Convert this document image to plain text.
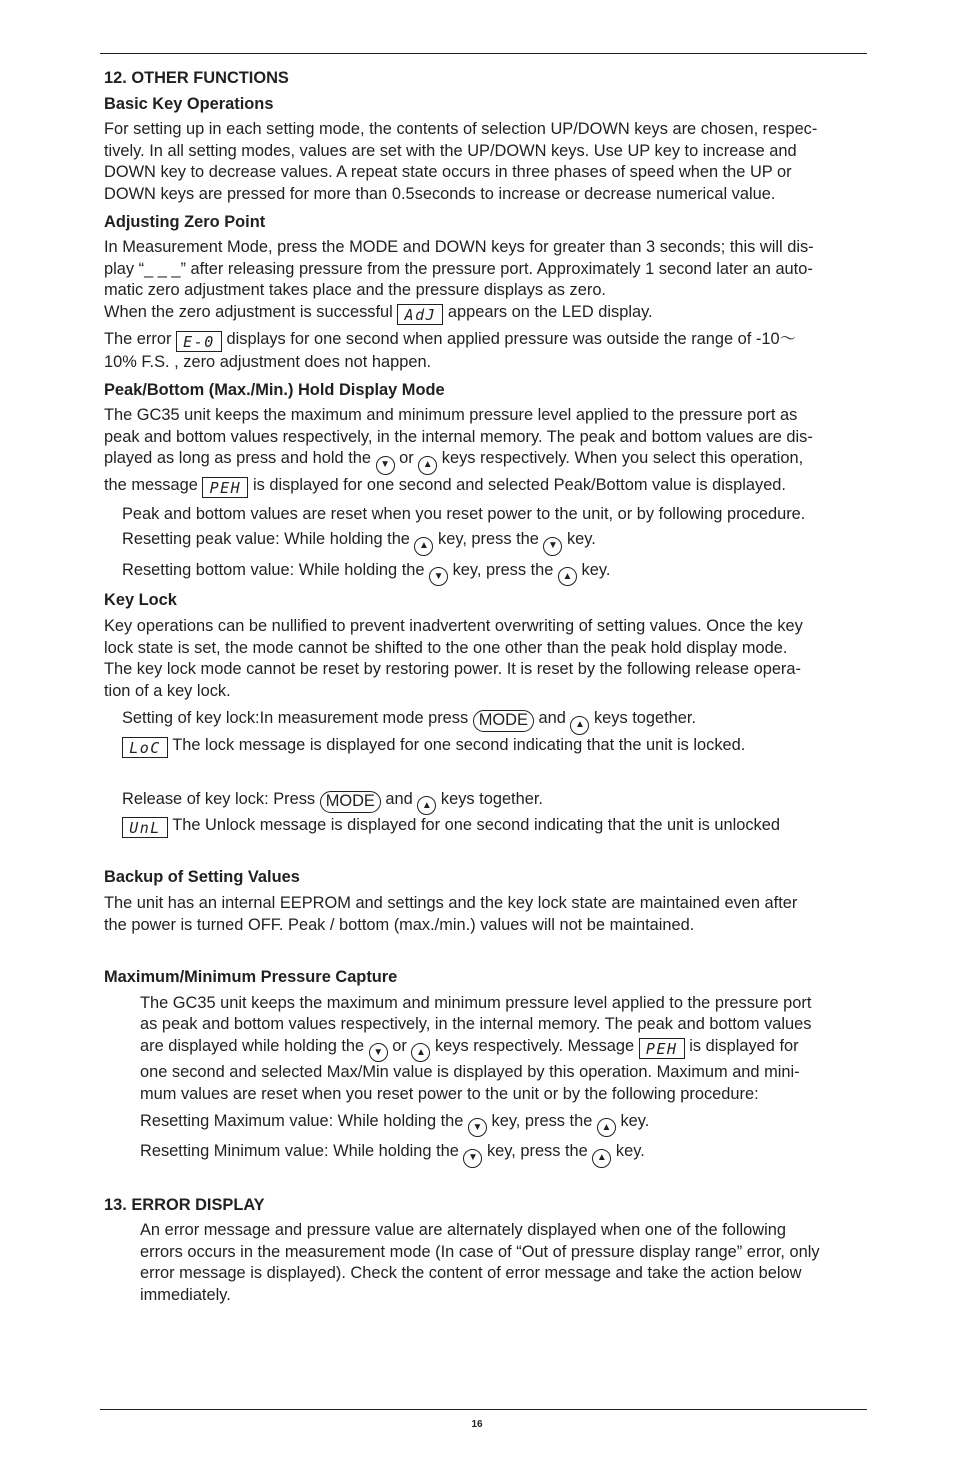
12. OTHER FUNCTIONS
Basic Key Operations
For setting up in each setting mode, the contents of selection UP/DOWN keys are chosen, respec-
tively. In all setting modes, values are set with the UP/DOWN keys. Use UP key to increase and
DOWN key to decrease values. A repeat state occurs in three phases of speed when the UP or
DOWN keys are pressed for more than 0.5seconds to increase or decrease numerical value.
Adjusting Zero Point
In Measurement Mode, press the MODE and DOWN keys for greater than 3 seconds; this will dis-
play “_ _ _” after releasing pressure from the pressure port. Approximately 1 second later an auto-
matic zero adjustment takes place and the pressure displays as zero.
When the zero adjustment is successful AdJ appears on the LED display.
The error E-0 displays for one second when applied pressure was outside the range of -10～
10% F.S. , zero adjustment does not happen.
Peak/Bottom (Max./Min.) Hold Display Mode
The GC35 unit keeps the maximum and minimum pressure level applied to the pressure port as
peak and bottom values respectively, in the internal memory. The peak and bottom values are dis-
played as long as press and hold the ▼ or ▲ keys respectively. When you select this operation,
the message PEH is displayed for one second and selected Peak/Bottom value is displayed.
Peak and bottom values are reset when you reset power to the unit, or by following procedure.
Resetting peak value: While holding the ▲ key, press the ▼ key.
Resetting bottom value: While holding the ▼ key, press the ▲ key.
Key Lock
Key operations can be nullified to prevent inadvertent overwriting of setting values. Once the key
lock state is set, the mode cannot be shifted to the one other than the peak hold display mode.
The key lock mode cannot be reset by restoring power. It is reset by the following release opera-
tion of a key lock.
Setting of key lock:In measurement mode press MODE and ▲ keys together.
LoC The lock message is displayed for one second indicating that the unit is locked.
Release of key lock: Press MODE and ▲ keys together.
UnL The Unlock message is displayed for one second indicating that the unit is unlocked
Backup of Setting Values
The unit has an internal EEPROM and settings and the key lock state are maintained even after
the power is turned OFF. Peak / bottom (max./min.) values will not be maintained.
Maximum/Minimum Pressure Capture
The GC35 unit keeps the maximum and minimum pressure level applied to the pressure port
as peak and bottom values respectively, in the internal memory. The peak and bottom values
are displayed while holding the ▼ or ▲ keys respectively. Message PEH is displayed for
one second and selected Max/Min value is displayed by this operation. Maximum and mini-
mum values are reset when you reset power to the unit or by the following procedure:
Resetting Maximum value: While holding the ▼ key, press the ▲ key.
Resetting Minimum value: While holding the ▼ key, press the ▲ key.
13. ERROR DISPLAY
An error message and pressure value are alternately displayed when one of the following
errors occurs in the measurement mode (In case of “Out of pressure display range” error, only
error message is displayed). Check the content of error message and take the action below
immediately.
16
